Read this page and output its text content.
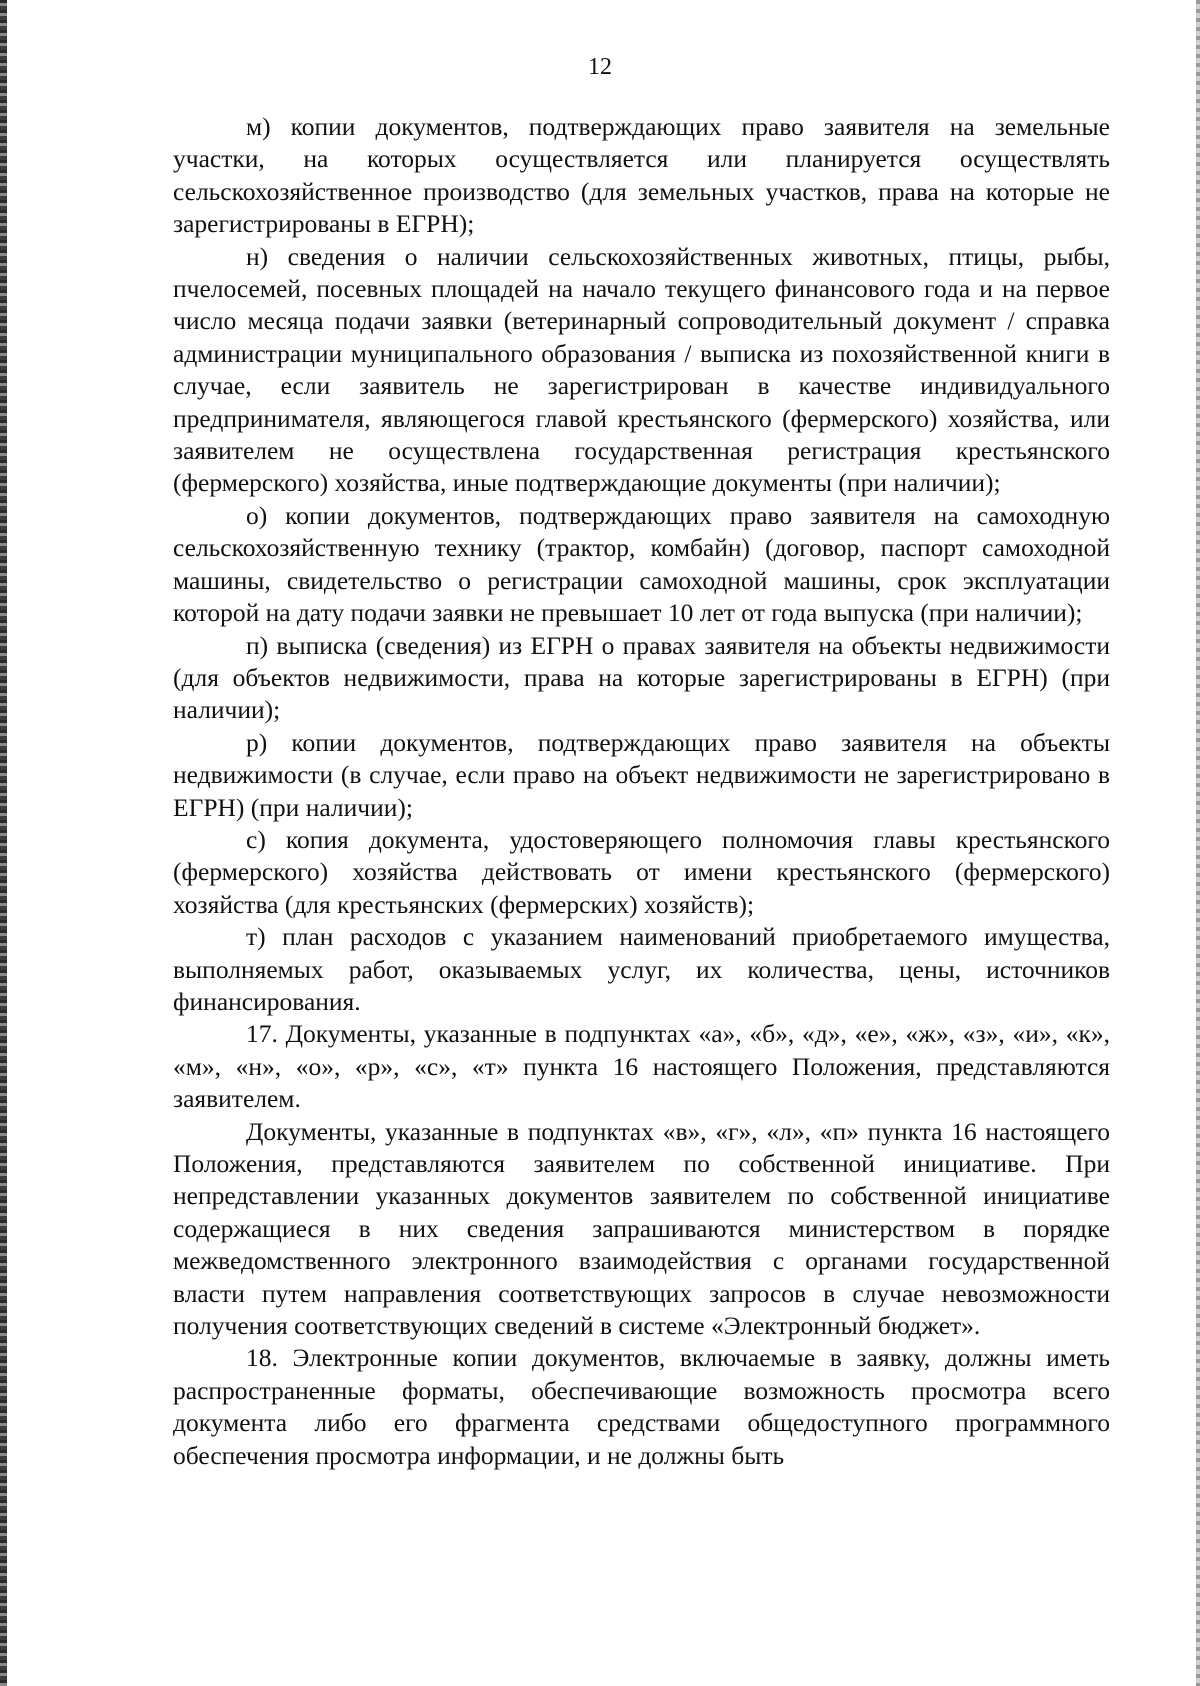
12

м) копии документов, подтверждающих право заявителя на земельные участки, на которых осуществляется или планируется осуществлять сельскохозяйственное производство (для земельных участков, права на которые не зарегистрированы в ЕГРН);

н) сведения о наличии сельскохозяйственных животных, птицы, рыбы, пчелосемей, посевных площадей на начало текущего финансового года и на первое число месяца подачи заявки (ветеринарный сопроводительный документ / справка администрации муниципального образования / выписка из похозяйственной книги в случае, если заявитель не зарегистрирован в качестве индивидуального предпринимателя, являющегося главой крестьянского (фермерского) хозяйства, или заявителем не осуществлена государственная регистрация крестьянского (фермерского) хозяйства, иные подтверждающие документы (при наличии);

о) копии документов, подтверждающих право заявителя на самоходную сельскохозяйственную технику (трактор, комбайн) (договор, паспорт самоходной машины, свидетельство о регистрации самоходной машины, срок эксплуатации которой на дату подачи заявки не превышает 10 лет от года выпуска (при наличии);

п) выписка (сведения) из ЕГРН о правах заявителя на объекты недвижимости (для объектов недвижимости, права на которые зарегистрированы в ЕГРН) (при наличии);

р) копии документов, подтверждающих право заявителя на объекты недвижимости (в случае, если право на объект недвижимости не зарегистрировано в ЕГРН) (при наличии);

с) копия документа, удостоверяющего полномочия главы крестьянского (фермерского) хозяйства действовать от имени крестьянского (фермерского) хозяйства (для крестьянских (фермерских) хозяйств);

т) план расходов с указанием наименований приобретаемого имущества, выполняемых работ, оказываемых услуг, их количества, цены, источников финансирования.

17. Документы, указанные в подпунктах «а», «б», «д», «е», «ж», «з», «и», «к», «м», «н», «о», «р», «с», «т» пункта 16 настоящего Положения, представляются заявителем.

Документы, указанные в подпунктах «в», «г», «л», «п» пункта 16 настоящего Положения, представляются заявителем по собственной инициативе. При непредставлении указанных документов заявителем по собственной инициативе содержащиеся в них сведения запрашиваются министерством в порядке межведомственного электронного взаимодействия с органами государственной власти путем направления соответствующих запросов в случае невозможности получения соответствующих сведений в системе «Электронный бюджет».

18. Электронные копии документов, включаемые в заявку, должны иметь распространенные форматы, обеспечивающие возможность просмотра всего документа либо его фрагмента средствами общедоступного программного обеспечения просмотра информации, и не должны быть
